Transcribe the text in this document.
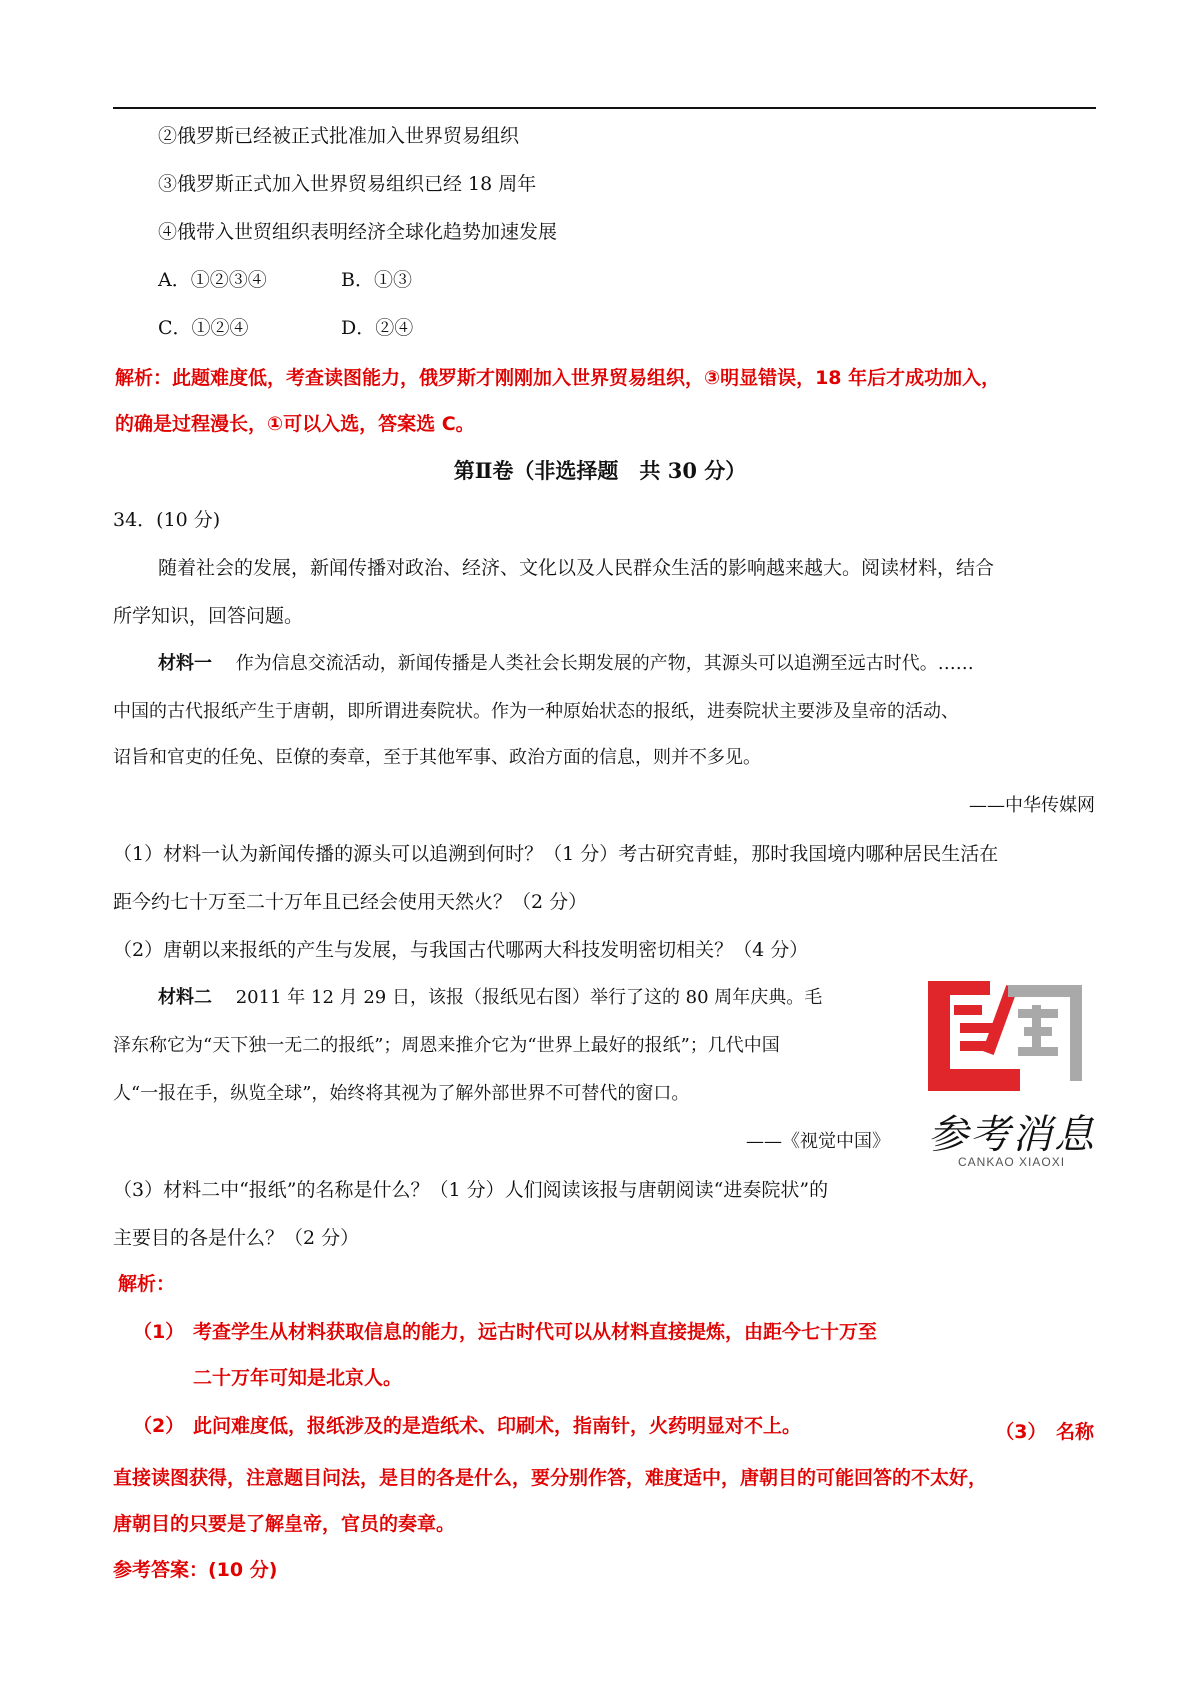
②俄罗斯已经被正式批准加入世界贸易组织
③俄罗斯正式加入世界贸易组织已经 18 周年
④俄带入世贸组织表明经济全球化趋势加速发展
A．①②③④	B．①③
C．①②④	D．②④
解析：此题难度低，考查读图能力，俄罗斯才刚刚加入世界贸易组织，③明显错误，18 年后才成功加入，
的确是过程漫长，①可以入选，答案选 C。
第Ⅱ卷（非选择题　共 30 分）
34．(10 分)
随着社会的发展，新闻传播对政治、经济、文化以及人民群众生活的影响越来越大。阅读材料，结合
所学知识，回答问题。
材料一 作为信息交流活动，新闻传播是人类社会长期发展的产物，其源头可以追溯至远古时代。……
中国的古代报纸产生于唐朝，即所谓进奏院状。作为一种原始状态的报纸，进奏院状主要涉及皇帝的活动、
诏旨和官吏的任免、臣僚的奏章，至于其他军事、政治方面的信息，则并不多见。
——中华传媒网
（1）材料一认为新闻传播的源头可以追溯到何时？（1 分）考古研究青蛙，那时我国境内哪种居民生活在
距今约七十万至二十万年且已经会使用天然火？（2 分）
（2）唐朝以来报纸的产生与发展，与我国古代哪两大科技发明密切相关？（4 分）
材料二 2011 年 12 月 29 日，该报（报纸见右图）举行了这的 80 周年庆典。毛
泽东称它为“天下独一无二的报纸”；周恩来推介它为“世界上最好的报纸”；几代中国
人“一报在手，纵览全球”，始终将其视为了解外部世界不可替代的窗口。
——《视觉中国》
（3）材料二中“报纸”的名称是什么？（1 分）人们阅读该报与唐朝阅读“进奏院状”的
主要目的各是什么？（2 分）
参考消息
CANKAO XIAOXI
解析：
（1） 考查学生从材料获取信息的能力，远古时代可以从材料直接提炼，由距今七十万至
二十万年可知是北京人。
（2） 此问难度低，报纸涉及的是造纸术、印刷术，指南针，火药明显对不上。	（3）　名称
直接读图获得，注意题目问法，是目的各是什么，要分别作答，难度适中，唐朝目的可能回答的不太好，
唐朝目的只要是了解皇帝，官员的奏章。
参考答案：(10 分)
